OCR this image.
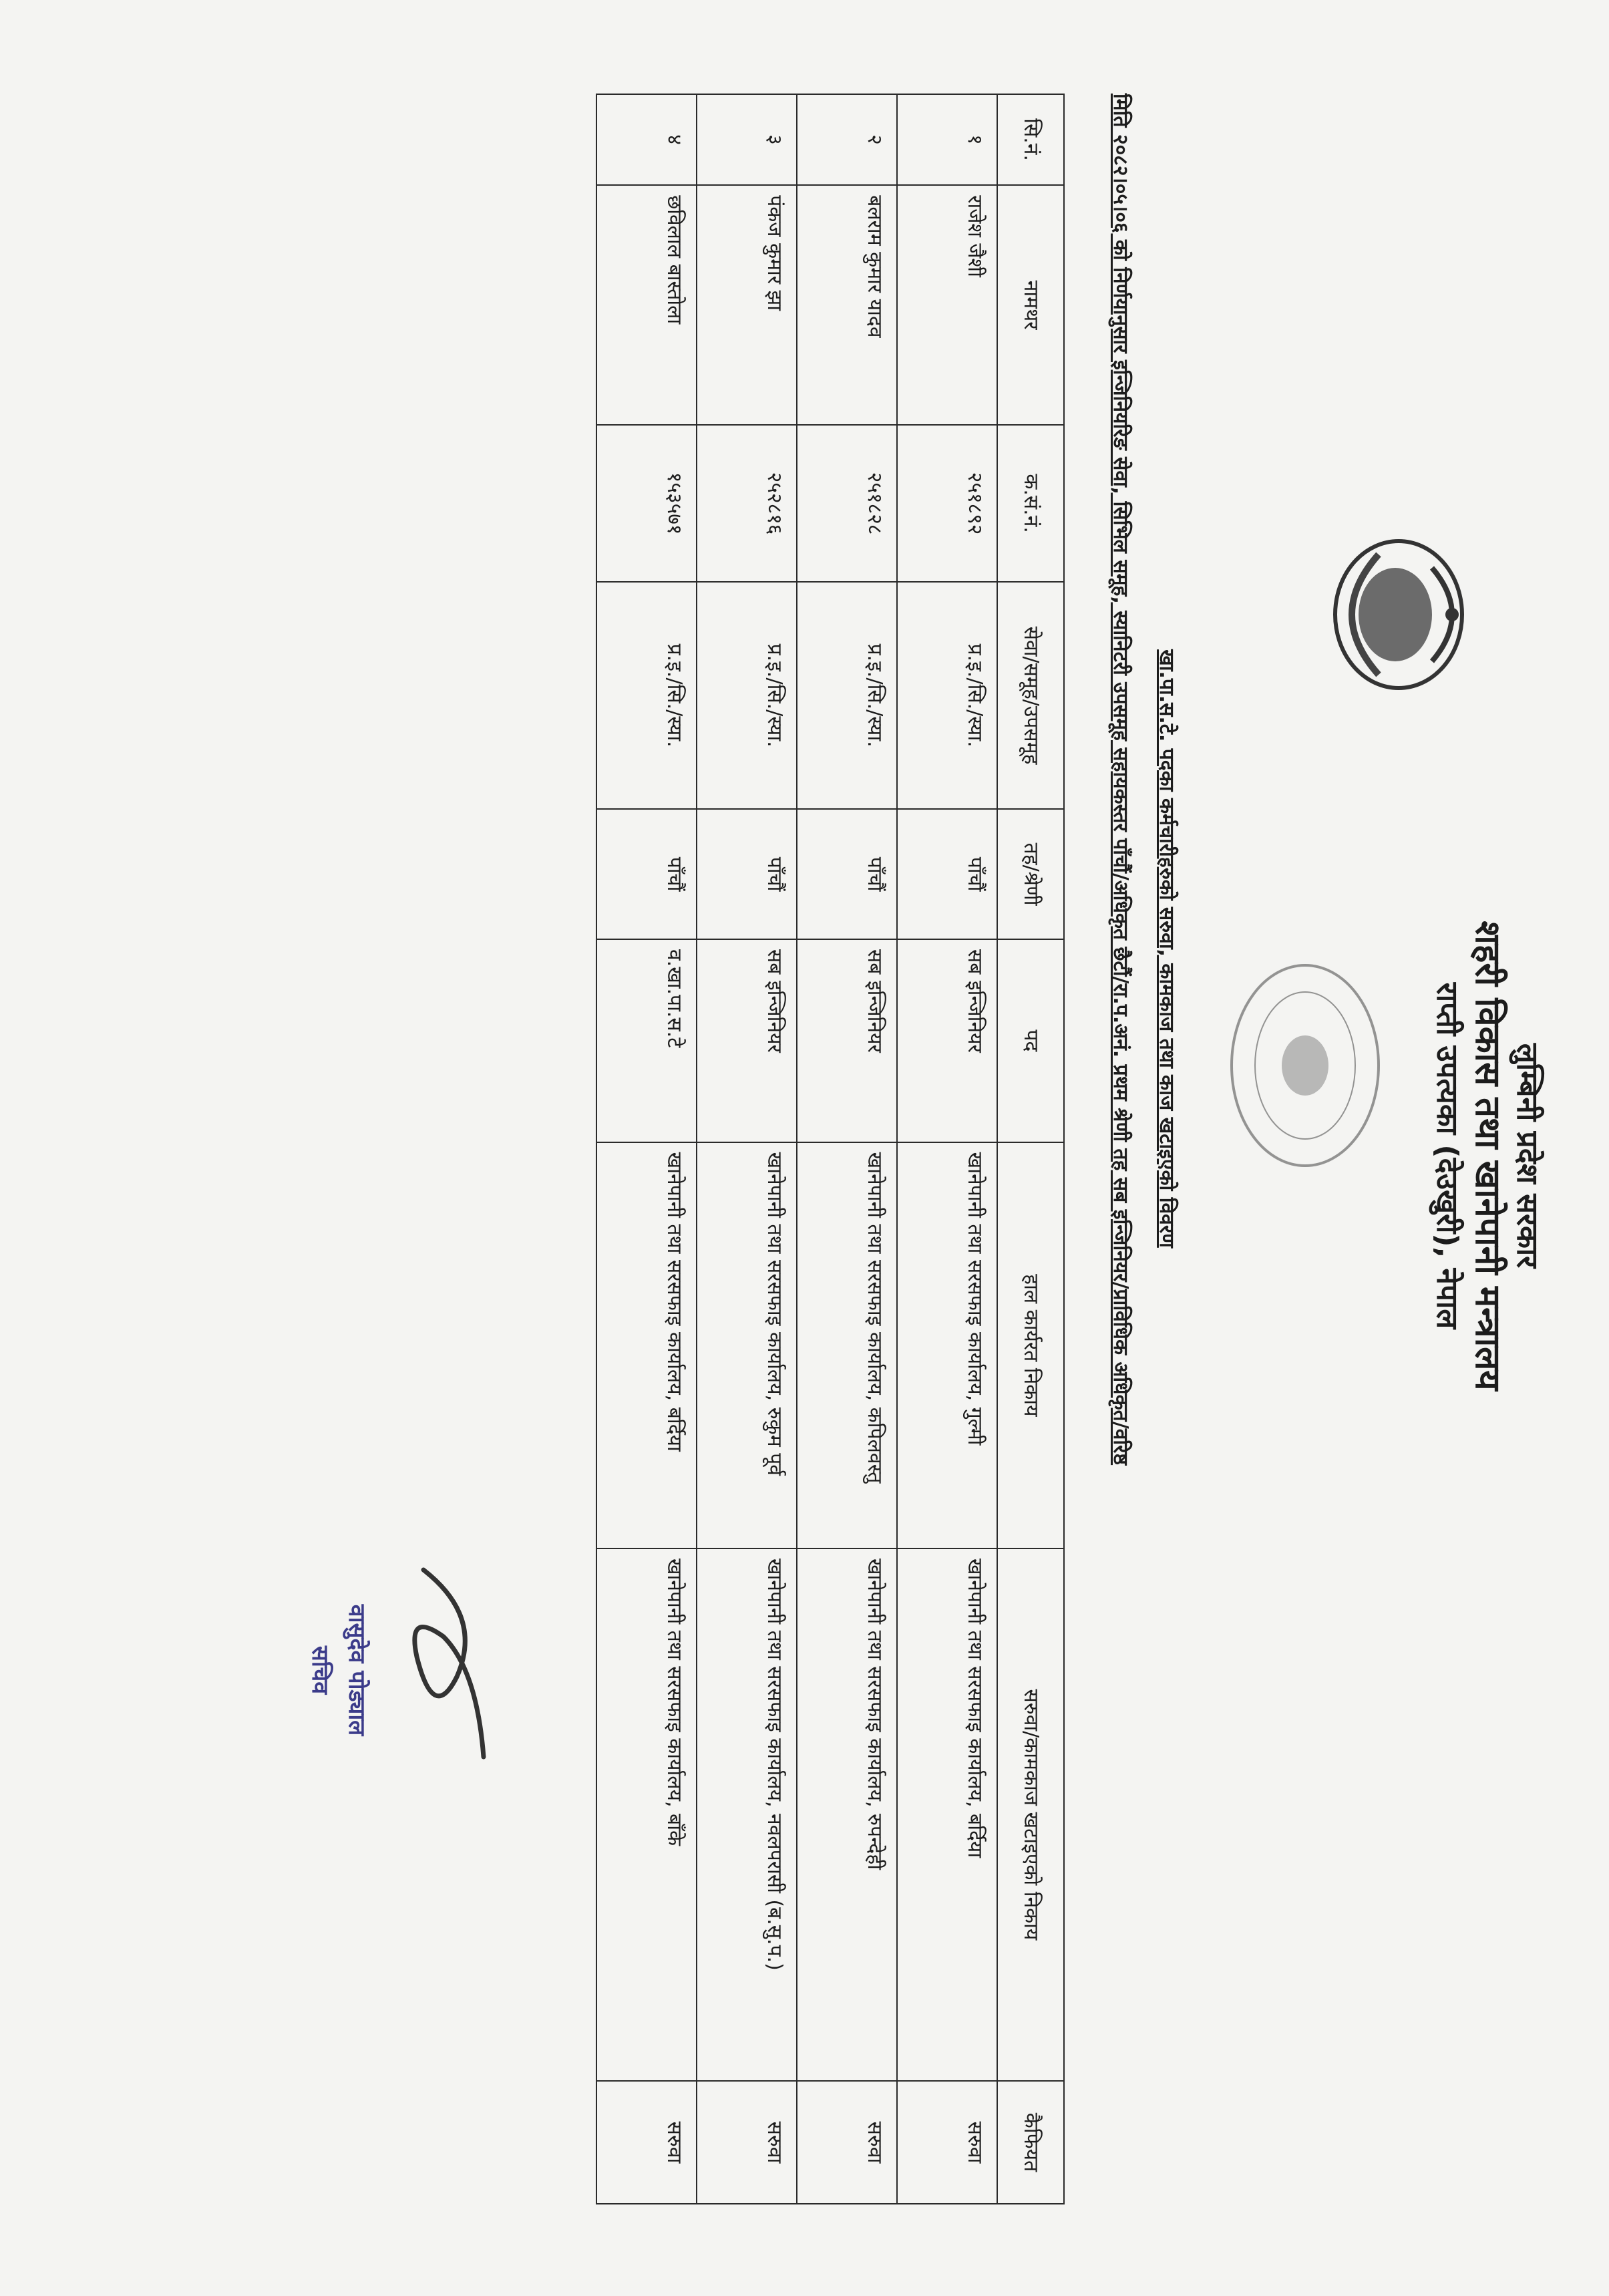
लुम्बिनी प्रदेश सरकार
शहरी विकास तथा खानेपानी मन्त्रालय
राप्ती उपत्यका (देउखुरी), नेपाल
खा.पा.स.टे. पदका कर्मचारीहरुको सरुवा, कामकाज तथा काज खटाइएको विवरण
मिति २०८२।०५।०६ को निर्णयानुसार इन्जिनियरिङ सेवा, सिभिल समूह, स्यानिटरी उपसमूह सहायकस्तर पाँचौं/अधिकृत छैटौं/रा.प.अनं. प्रथम श्रेणी तह सब इन्जिनियर/प्राविधिक अधिकृत/वरिष्ठ
सि.नं.	नामथर	क.सं.नं.	सेवा/समूह/उपसमूह	तह/श्रेणी	पद	हाल कार्यरत निकाय	सरुवा/कामकाज खटाइएको निकाय	कैफियत
१	राजेश जैशी	२५१८९२	प्र.इ./सि./स्या.	पाँचौं	सब इन्जिनियर	खानेपानी तथा सरसफाइ कार्यालय, गुल्मी	खानेपानी तथा सरसफाइ कार्यालय, बर्दिया	सरुवा
२	बलराम कुमार यादव	२५१८२८	प्र.इ./सि./स्या.	पाँचौं	सब इन्जिनियर	खानेपानी तथा सरसफाइ कार्यालय, कपिलवस्तु	खानेपानी तथा सरसफाइ कार्यालय, रुपन्देही	सरुवा
३	पंकज कुमार झा	२५२८१६	प्र.इ./सि./स्या.	पाँचौं	सब इन्जिनियर	खानेपानी तथा सरसफाइ कार्यालय, रुकुम पूर्व	खानेपानी तथा सरसफाइ कार्यालय, नवलपरासी (ब.सु.प.)	सरुवा
४	छविलाल बास्तोला	१५३५७१	प्र.इ./सि./स्या.	पाँचौं	व.खा.पा.स.टे	खानेपानी तथा सरसफाइ कार्यालय, बर्दिया	खानेपानी तथा सरसफाइ कार्यालय, बाँके	सरुवा
वासुदेव पोड्याल
सचिव
